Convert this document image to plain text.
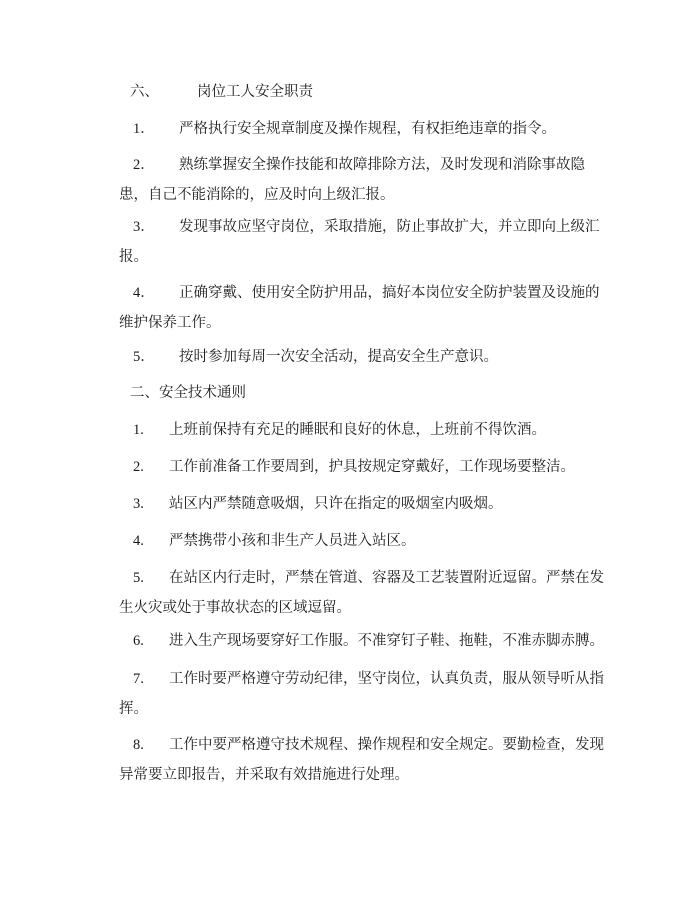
六、	岗位工人安全职责
1．	严格执行安全规章制度及操作规程，有权拒绝违章的指令。
2．	熟练掌握安全操作技能和故障排除方法，及时发现和消除事故隐患，自己不能消除的，应及时向上级汇报。
3．	发现事故应坚守岗位，采取措施，防止事故扩大，并立即向上级汇报。
4．	正确穿戴、使用安全防护用品，搞好本岗位安全防护装置及设施的维护保养工作。
5．	按时参加每周一次安全活动，提高安全生产意识。
二、安全技术通则
1.	上班前保持有充足的睡眠和良好的休息，上班前不得饮酒。
2.	工作前准备工作要周到，护具按规定穿戴好，工作现场要整洁。
3.	站区内严禁随意吸烟，只许在指定的吸烟室内吸烟。
4.	严禁携带小孩和非生产人员进入站区。
5.	在站区内行走时，严禁在管道、容器及工艺装置附近逗留。严禁在发生火灾或处于事故状态的区域逗留。
6.	进入生产现场要穿好工作服。不准穿钉子鞋、拖鞋，不准赤脚赤膊。
7.	工作时要严格遵守劳动纪律，坚守岗位，认真负责，服从领导听从指挥。
8.	工作中要严格遵守技术规程、操作规程和安全规定。要勤检查，发现异常要立即报告，并采取有效措施进行处理。
